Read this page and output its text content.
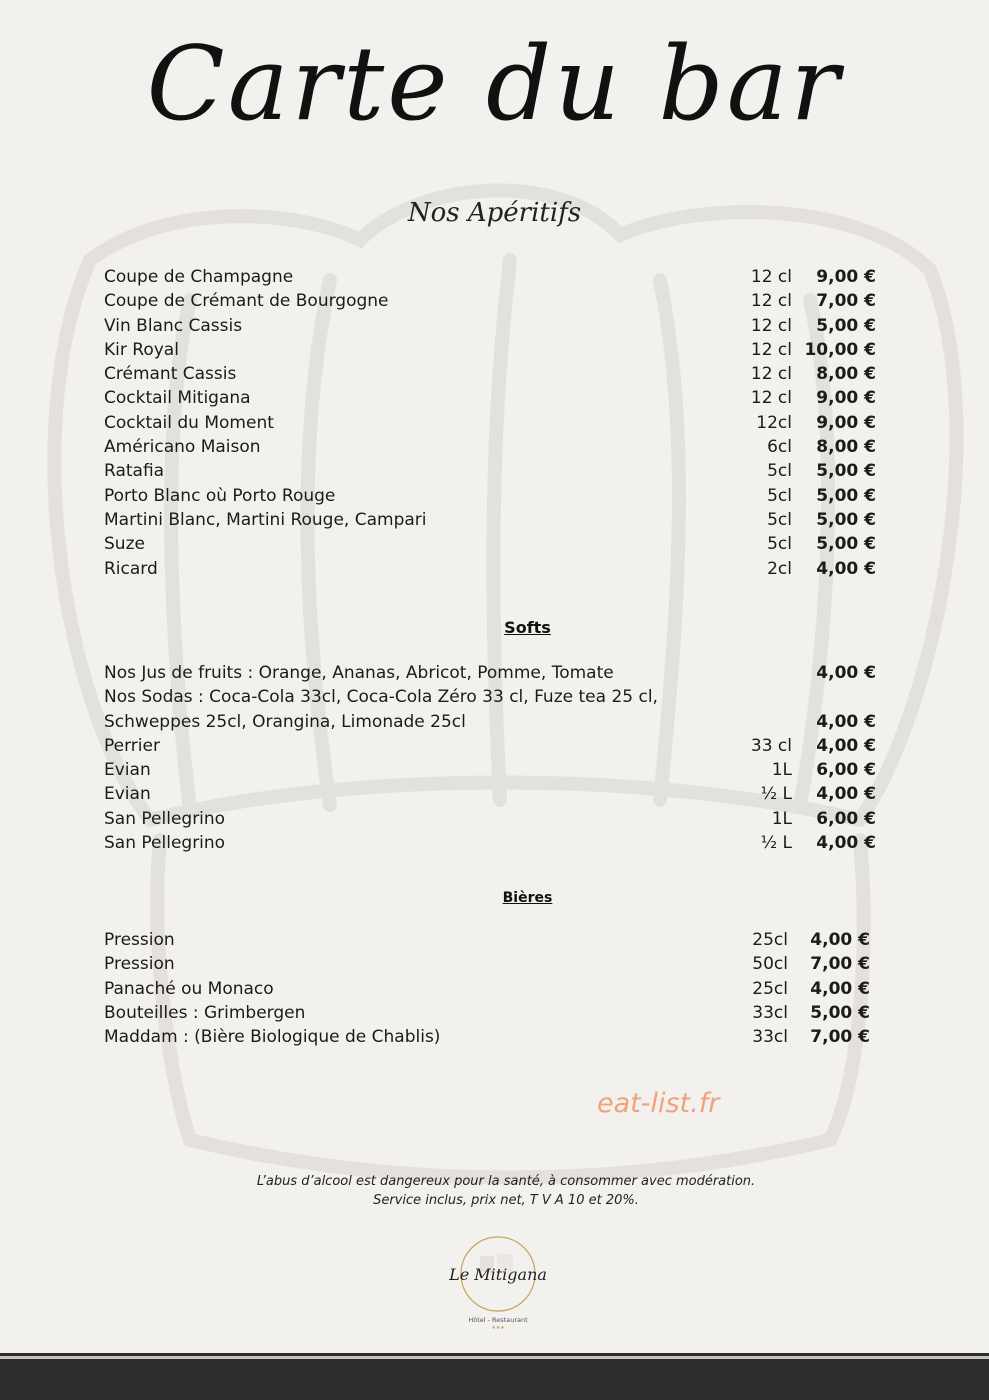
Carte du bar
Nos Apéritifs
Coupe de Champagne	12 cl 9,00 €
Coupe de Crémant de Bourgogne	12 cl 7,00 €
Vin Blanc Cassis	12 cl 5,00 €
Kir Royal	12 cl 10,00 €
Crémant Cassis	12 cl 8,00 €
Cocktail Mitigana	12 cl 9,00 €
Cocktail du Moment	12cl 9,00 €
Américano Maison	6cl 8,00 €
Ratafia	5cl 5,00 €
Porto Blanc où Porto Rouge	5cl 5,00 €
Martini Blanc, Martini Rouge, Campari	5cl 5,00 €
Suze	5cl 5,00 €
Ricard	2cl 4,00 €
Softs
Nos Jus de fruits : Orange, Ananas, Abricot, Pomme, Tomate	4,00 €
Nos Sodas : Coca-Cola 33cl, Coca-Cola Zéro 33 cl, Fuze tea 25 cl,
Schweppes 25cl, Orangina, Limonade 25cl	4,00 €
Perrier	33 cl 4,00 €
Evian	1L 6,00 €
Evian	½ L 4,00 €
San Pellegrino	1L 6,00 €
San Pellegrino	½ L 4,00 €
Bières
Pression	25cl 4,00 €
Pression	50cl 7,00 €
Panaché ou Monaco	25cl 4,00 €
Bouteilles : Grimbergen	33cl 5,00 €
Maddam : (Bière Biologique de Chablis)	33cl 7,00 €
eat-list.fr
L’abus d’alcool est dangereux pour la santé, à consommer avec modération.
Service inclus, prix net, T V A 10 et 20%.
Le Mitigana
Hôtel - Restaurant
★★★
